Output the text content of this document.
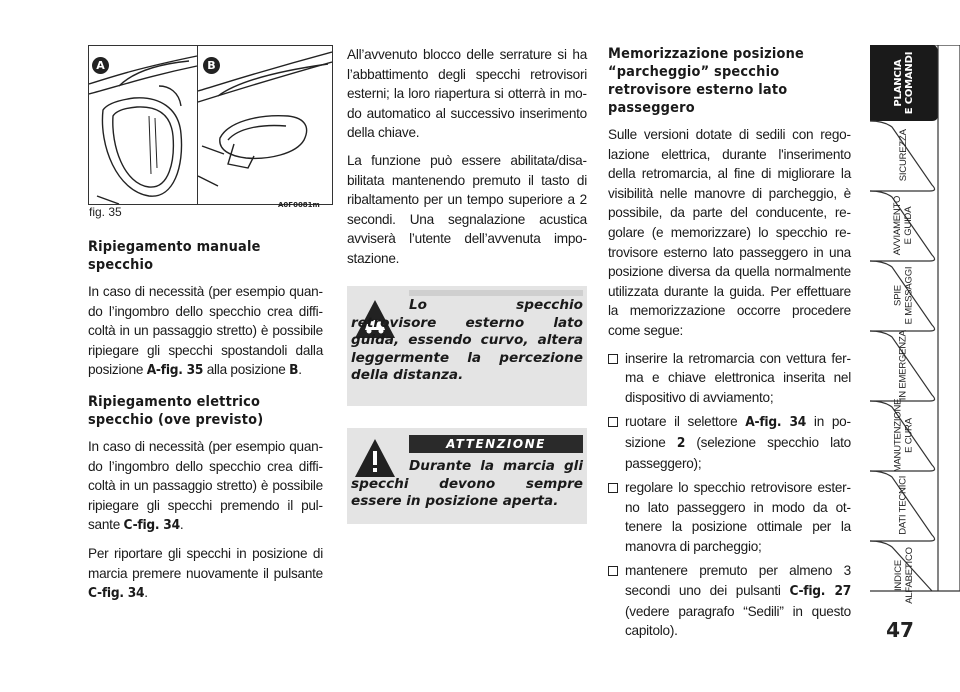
A	B
fig. 35	A0F0081m
Ripiegamento manuale specchio

In caso di necessità (per esempio quando l’ingombro dello specchio crea difficoltà in un passaggio stretto) è possibile ripiegare gli specchi spostandoli dalla posizione A-fig. 35 alla posizione B.

Ripiegamento elettrico specchio (ove previsto)

In caso di necessità (per esempio quando l’ingombro dello specchio crea difficoltà in un passaggio stretto) è possibile ripiegare gli specchi premendo il pulsante C-fig. 34.

Per riportare gli specchi in posizione di marcia premere nuovamente il pulsante C-fig. 34.

All’avvenuto blocco delle serrature si ha l’abbattimento degli specchi retrovisori esterni; la loro riapertura si otterrà in modo automatico al successivo inserimento della chiave.

La funzione può essere abilitata/disabilitata mantenendo premuto il tasto di ribaltamento per un tempo superiore a 2 secondi. Una segnalazione acustica avviserà l’utente dell’avvenuta impostazione.

Lo specchio retrovisore esterno lato guida, essendo curvo, altera leggermente la percezione della distanza.
ATTENZIONE
Durante la marcia gli specchi devono sempre essere in posizione aperta.
Memorizzazione posizione “parcheggio” specchio retrovisore esterno lato passeggero

Sulle versioni dotate di sedili con regolazione elettrica, durante l'inserimento della retromarcia, al fine di migliorare la visibilità nelle manovre di parcheggio, è possibile, da parte del conducente, regolare (e memorizzare) lo specchio retrovisore esterno lato passeggero in una posizione diversa da quella normalmente utilizzata durante la guida. Per effettuare la memorizzazione occorre procedere come segue:

inserire la retromarcia con vettura ferma e chiave elettronica inserita nel dispositivo di avviamento;
ruotare il selettore A-fig. 34 in posizione 2 (selezione specchio lato passeggero);
regolare lo specchio retrovisore esterno lato passeggero in modo da ottenere la posizione ottimale per la manovra di parcheggio;
mantenere premuto per almeno 3 secondi uno dei pulsanti C-fig. 27 (vedere paragrafo “Sedili” in questo capitolo).
PLANCIA
E COMANDI
SICUREZZA
AVVIAMENTO
E GUIDA
SPIE
E MESSAGGI
IN EMERGENZA
MANUTENZIONE
E CURA
DATI TECNICI
INDICE
ALFABETICO
47
